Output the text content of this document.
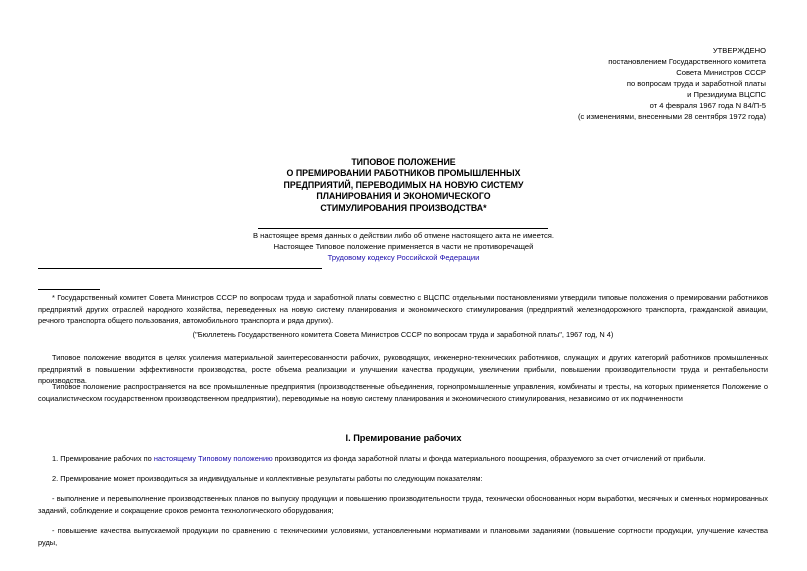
УТВЕРЖДЕНО
постановлением Государственного комитета
Совета Министров СССР
по вопросам труда и заработной платы
и Президиума ВЦСПС
от 4 февраля 1967 года N 84/П-5
(с изменениями, внесенными 28 сентября 1972 года)
ТИПОВОЕ ПОЛОЖЕНИЕ
О ПРЕМИРОВАНИИ РАБОТНИКОВ ПРОМЫШЛЕННЫХ
ПРЕДПРИЯТИЙ, ПЕРЕВОДИМЫХ НА НОВУЮ СИСТЕМУ
ПЛАНИРОВАНИЯ И ЭКОНОМИЧЕСКОГО
СТИМУЛИРОВАНИЯ ПРОИЗВОДСТВА*
В настоящее время данных о действии либо об отмене настоящего акта не имеется.
Настоящее Типовое положение применяется в части не противоречащей
Трудовому кодексу Российской Федерации
* Государственный комитет Совета Министров СССР по вопросам труда и заработной платы совместно с ВЦСПС отдельными постановлениями утвердили типовые положения о премировании работников предприятий других отраслей народного хозяйства, переведенных на новую систему планирования и экономического стимулирования (предприятий железнодорожного транспорта, гражданской авиации, речного транспорта общего пользования, автомобильного транспорта и ряда других).
("Бюллетень Государственного комитета Совета Министров СССР по вопросам труда и заработной платы", 1967 год, N 4)
Типовое положение вводится в целях усиления материальной заинтересованности рабочих, руководящих, инженерно-технических работников, служащих и других категорий работников промышленных предприятий в повышении эффективности производства, росте объема реализации и улучшении качества продукции, увеличении прибыли, повышении производительности труда и рентабельности производства.
Типовое положение распространяется на все промышленные предприятия (производственные объединения, горнопромышленные управления, комбинаты и тресты, на которых применяется Положение о социалистическом государственном производственном предприятии), переводимые на новую систему планирования и экономического стимулирования, независимо от их подчиненности
I. Премирование рабочих
1. Премирование рабочих по настоящему Типовому положению производится из фонда заработной платы и фонда материального поощрения, образуемого за счет отчислений от прибыли.
2. Премирование может производиться за индивидуальные и коллективные результаты работы по следующим показателям:
- выполнение и перевыполнение производственных планов по выпуску продукции и повышению производительности труда, технически обоснованных норм выработки, месячных и сменных нормированных заданий, соблюдение и сокращение сроков ремонта технологического оборудования;
- повышение качества выпускаемой продукции по сравнению с техническими условиями, установленными нормативами и плановыми заданиями (повышение сортности продукции, улучшение качества руды,
